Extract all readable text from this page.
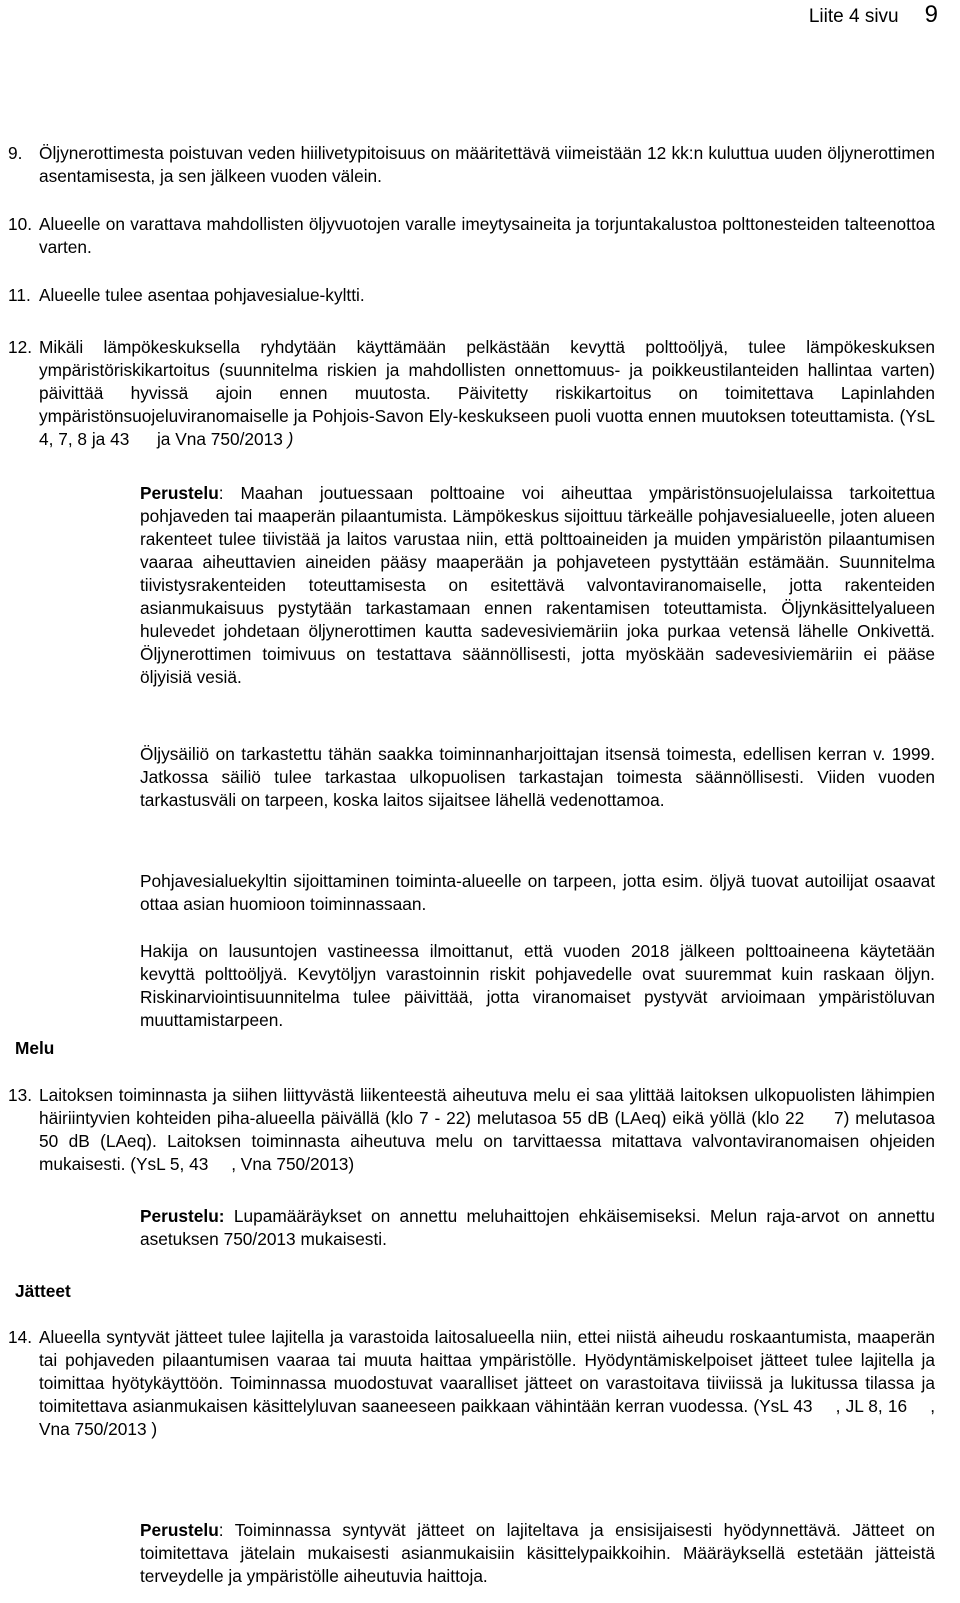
Liite 4 sivu 9
9. Öljynerottimesta poistuvan veden hiilivetypitoisuus on määritettävä viimeistään 12 kk:n kuluttua uuden öljynerottimen asentamisesta, ja sen jälkeen vuoden välein.

10. Alueelle on varattava mahdollisten öljyvuotojen varalle imeytysaineita ja torjuntakalustoa polttonesteiden talteenottoa varten.

11. Alueelle tulee asentaa pohjavesialue-kyltti.

12. Mikäli lämpökeskuksella ryhdytään käyttämään pelkästään kevyttä polttoöljyä, tulee lämpökeskuksen ympäristöriskikartoitus (suunnitelma riskien ja mahdollisten onnettomuus- ja poikkeustilanteiden hallintaa varten) päivittää hyvissä ajoin ennen muutosta. Päivitetty riskikartoitus on toimitettava Lapinlahden ympäristönsuojeluviranomaiselle ja Pohjois-Savon Ely-keskukseen puoli vuotta ennen muutoksen toteuttamista. (YsL 4, 7, 8 ja 43 ja Vna 750/2013 )

Perustelu: Maahan joutuessaan polttoaine voi aiheuttaa ympäristönsuojelulaissa tarkoitettua pohjaveden tai maaperän pilaantumista. Lämpökeskus sijoittuu tärkeälle pohjavesialueelle, joten alueen rakenteet tulee tiivistää ja laitos varustaa niin, että polttoaineiden ja muiden ympäristön pilaantumisen vaaraa aiheuttavien aineiden pääsy maaperään ja pohjaveteen pystyttään estämään. Suunnitelma tiivistysrakenteiden toteuttamisesta on esitettävä valvontaviranomaiselle, jotta rakenteiden asianmukaisuus pystytään tarkastamaan ennen rakentamisen toteuttamista. Öljynkäsittelyalueen hulevedet johdetaan öljynerottimen kautta sadevesiviemäriin joka purkaa vetensä lähelle Onkivettä. Öljynerottimen toimivuus on testattava säännöllisesti, jotta myöskään sadevesiviemäriin ei pääse öljyisiä vesiä.

Öljysäiliö on tarkastettu tähän saakka toiminnanharjoittajan itsensä toimesta, edellisen kerran v. 1999. Jatkossa säiliö tulee tarkastaa ulkopuolisen tarkastajan toimesta säännöllisesti. Viiden vuoden tarkastusväli on tarpeen, koska laitos sijaitsee lähellä vedenottamoa.

Pohjavesialuekyltin sijoittaminen toiminta-alueelle on tarpeen, jotta esim. öljyä tuovat autoilijat osaavat ottaa asian huomioon toiminnassaan.

Hakija on lausuntojen vastineessa ilmoittanut, että vuoden 2018 jälkeen polttoaineena käytetään kevyttä polttoöljyä. Kevytöljyn varastoinnin riskit pohjavedelle ovat suuremmat kuin raskaan öljyn. Riskinarviointisuunnitelma tulee päivittää, jotta viranomaiset pystyvät arvioimaan ympäristöluvan muuttamistarpeen.

Melu
13. Laitoksen toiminnasta ja siihen liittyvästä liikenteestä aiheutuva melu ei saa ylittää laitoksen ulkopuolisten lähimpien häiriintyvien kohteiden piha-alueella päivällä (klo 7 - 22) melutasoa 55 dB (LAeq) eikä yöllä (klo 22 7) melutasoa 50 dB (LAeq). Laitoksen toiminnasta aiheutuva melu on tarvittaessa mitattava valvontaviranomaisen ohjeiden mukaisesti. (YsL 5, 43 , Vna 750/2013)

Perustelu: Lupamääräykset on annettu meluhaittojen ehkäisemiseksi. Melun raja-arvot on annettu asetuksen 750/2013 mukaisesti.

Jätteet
14. Alueella syntyvät jätteet tulee lajitella ja varastoida laitosalueella niin, ettei niistä aiheudu roskaantumista, maaperän tai pohjaveden pilaantumisen vaaraa tai muuta haittaa ympäristölle. Hyödyntämiskelpoiset jätteet tulee lajitella ja toimittaa hyötykäyttöön. Toiminnassa muodostuvat vaaralliset jätteet on varastoitava tiiviissä ja lukitussa tilassa ja toimitettava asianmukaisen käsittelyluvan saaneeseen paikkaan vähintään kerran vuodessa. (YsL 43 , JL 8, 16 , Vna 750/2013 )

Perustelu: Toiminnassa syntyvät jätteet on lajiteltava ja ensisijaisesti hyödynnettävä. Jätteet on toimitettava jätelain mukaisesti asianmukaisiin käsittelypaikkoihin. Määräyksellä estetään jätteistä terveydelle ja ympäristölle aiheutuvia haittoja.
